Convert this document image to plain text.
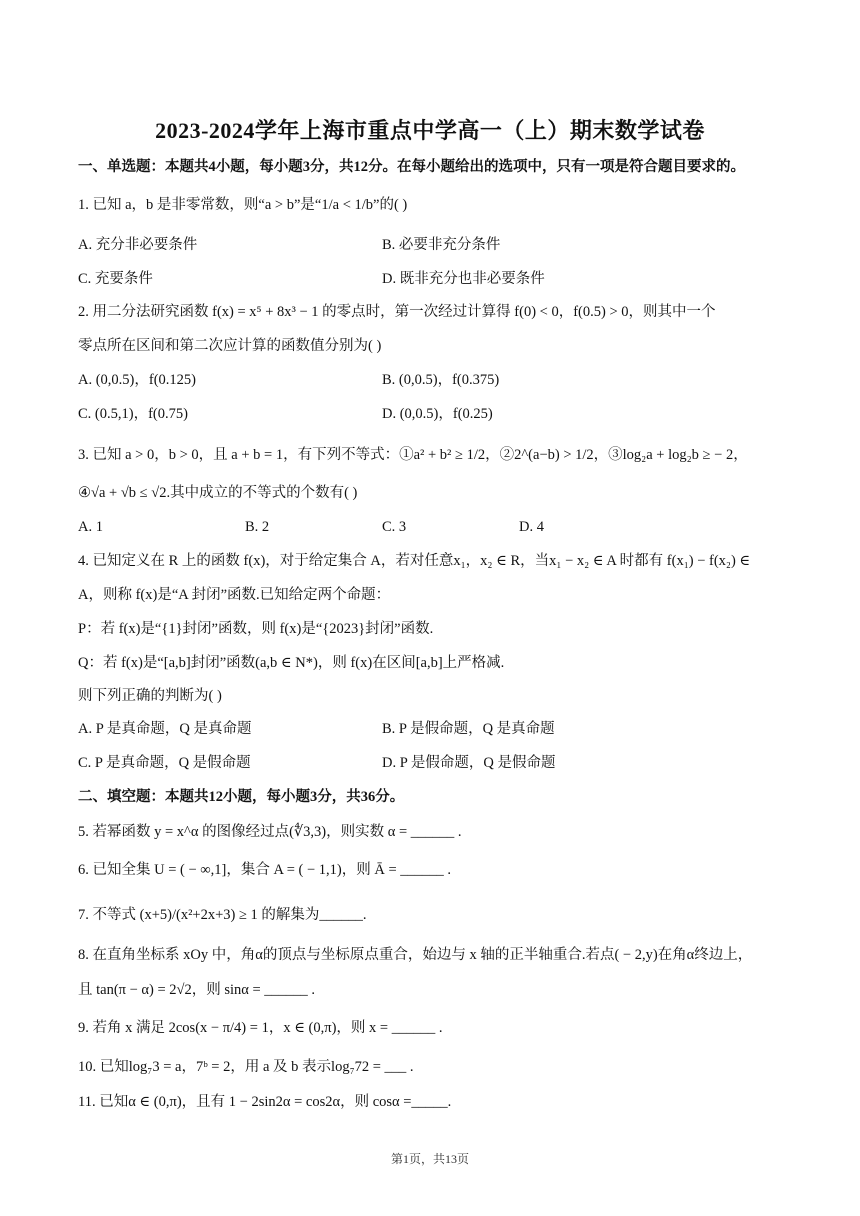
2023-2024学年上海市重点中学高一（上）期末数学试卷
一、单选题：本题共4小题，每小题3分，共12分。在每小题给出的选项中，只有一项是符合题目要求的。
1. 已知 a，b 是非零常数，则“a > b”是“1/a < 1/b”的( )
A. 充分非必要条件	B. 必要非充分条件
C. 充要条件	D. 既非充分也非必要条件
2. 用二分法研究函数 f(x) = x⁵ + 8x³ − 1 的零点时，第一次经过计算得 f(0) < 0，f(0.5) > 0，则其中一个
零点所在区间和第二次应计算的函数值分别为( )
A. (0,0.5)，f(0.125)	B. (0,0.5)，f(0.375)
C. (0.5,1)，f(0.75)	D. (0,0.5)，f(0.25)
3. 已知 a > 0，b > 0，且 a + b = 1，有下列不等式：①a² + b² ≥ 1/2，②2^(a−b) > 1/2，③log₂a + log₂b ≥ − 2，
④√a + √b ≤ √2.其中成立的不等式的个数有( )
A. 1	B. 2	C. 3	D. 4
4. 已知定义在 R 上的函数 f(x)，对于给定集合 A，若对任意x₁，x₂ ∈ R，当x₁ − x₂ ∈ A 时都有 f(x₁) − f(x₂) ∈
A，则称 f(x)是“A 封闭”函数.已知给定两个命题：
P：若 f(x)是“{1}封闭”函数，则 f(x)是“{2023}封闭”函数.
Q：若 f(x)是“[a,b]封闭”函数(a,b ∈ N*)，则 f(x)在区间[a,b]上严格减.
则下列正确的判断为( )
A. P 是真命题，Q 是真命题	B. P 是假命题，Q 是真命题
C. P 是真命题，Q 是假命题	D. P 是假命题，Q 是假命题
二、填空题：本题共12小题，每小题3分，共36分。
5. 若幂函数 y = x^α 的图像经过点(∜3,3)，则实数 α = ______ .
6. 已知全集 U = ( − ∞,1]，集合 A = ( − 1,1)，则 Ā = ______ .
7. 不等式 (x+5)/(x²+2x+3) ≥ 1 的解集为______.
8. 在直角坐标系 xOy 中，角α的顶点与坐标原点重合，始边与 x 轴的正半轴重合.若点( − 2,y)在角α终边上，
且 tan(π − α) = 2√2，则 sinα = ______ .
9. 若角 x 满足 2cos(x − π/4) = 1，x ∈ (0,π)，则 x = ______ .
10. 已知log₇3 = a，7ᵇ = 2，用 a 及 b 表示log₇72 = ___ .
11. 已知α ∈ (0,π)，且有 1 − 2sin2α = cos2α，则 cosα =_____.
第1页，共13页
